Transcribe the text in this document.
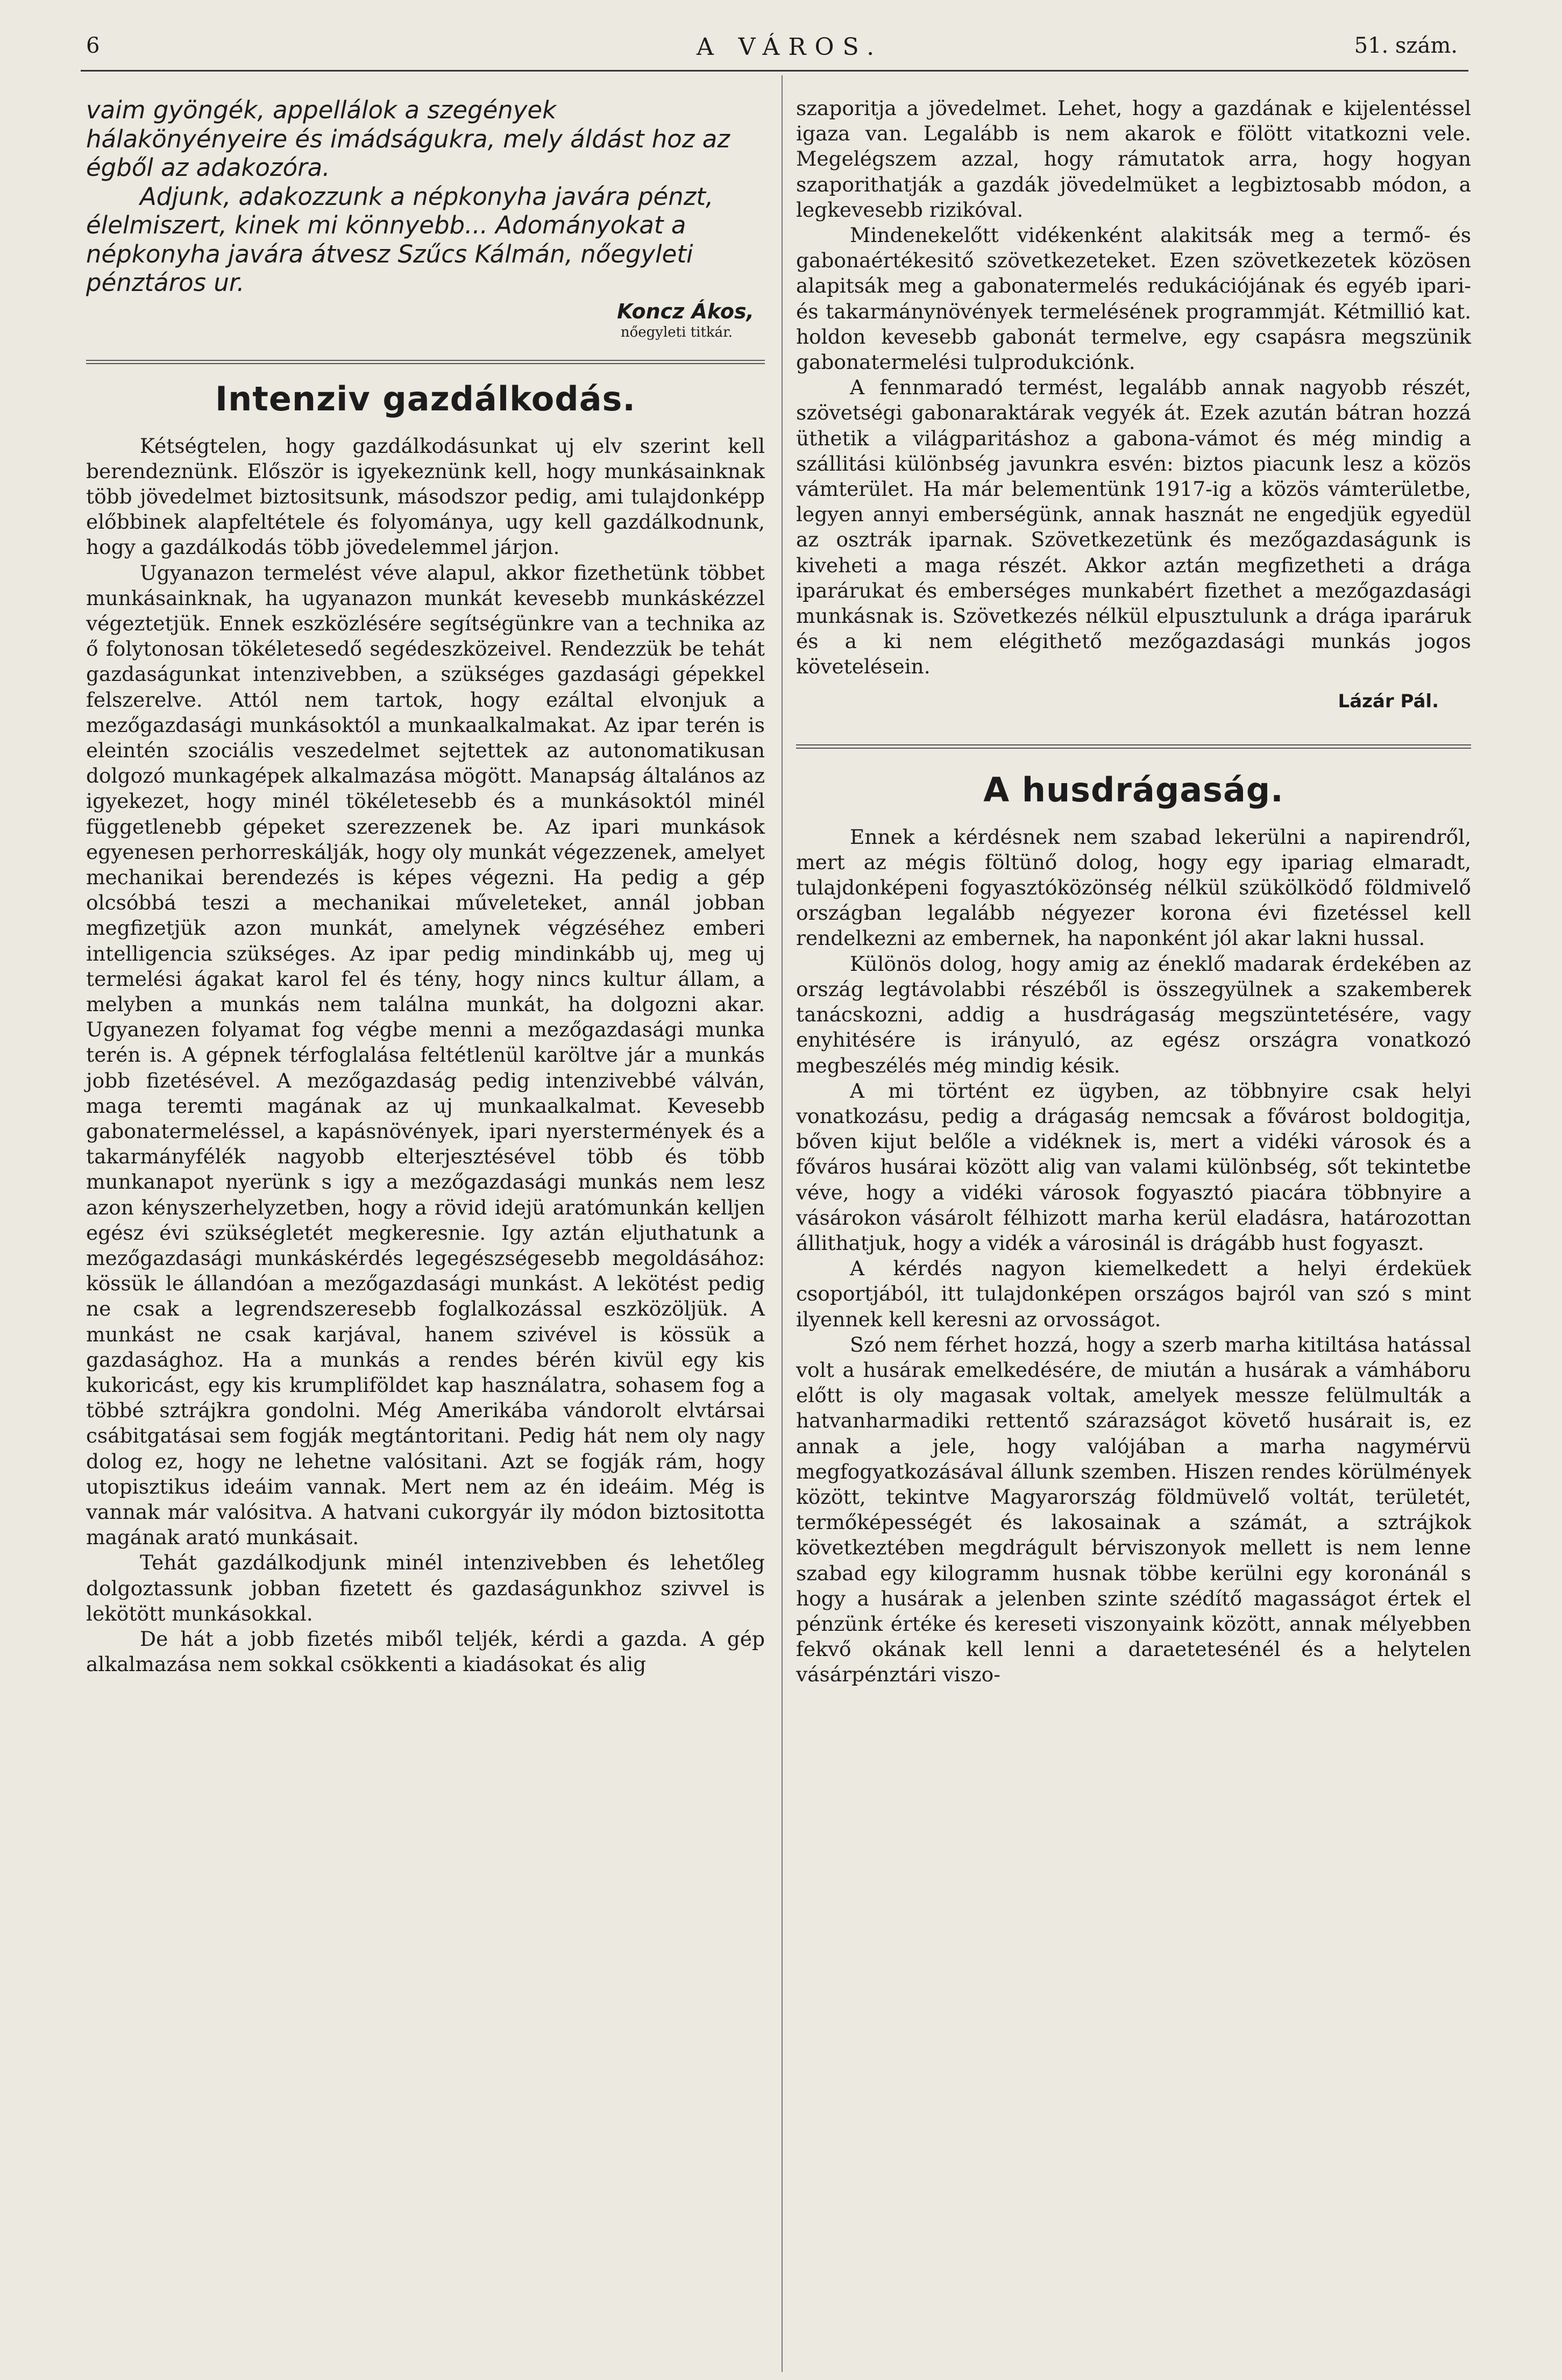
6	A VÁROS.	51. szám.

vaim gyöngék, appellálok a szegények hálakönyényeire és imádságukra, mely áldást hoz az égből az adakozóra.

Adjunk, adakozzunk a népkonyha javára pénzt, élelmiszert, kinek mi könnyebb... Adományokat a népkonyha javára átvesz Szűcs Kálmán, nőegyleti pénztáros ur.

Koncz Ákos,
nőegyleti titkár.
Intenziv gazdálkodás.

Kétségtelen, hogy gazdálkodásunkat uj elv szerint kell berendeznünk. Először is igyekeznünk kell, hogy munkásainknak több jövedelmet biztositsunk, másodszor pedig, ami tulajdonképp előbbinek alapfeltétele és folyománya, ugy kell gazdálkodnunk, hogy a gazdálkodás több jövedelemmel járjon.

Ugyanazon termelést véve alapul, akkor fizethetünk többet munkásainknak, ha ugyanazon munkát kevesebb munkáskézzel végeztetjük. Ennek eszközlésére segítségünkre van a technika az ő folytonosan tökéletesedő segédeszközeivel. Rendezzük be tehát gazdaságunkat intenzivebben, a szükséges gazdasági gépekkel felszerelve. Attól nem tartok, hogy ezáltal elvonjuk a mezőgazdasági munkásoktól a munkaalkalmakat. Az ipar terén is eleintén szociális veszedelmet sejtettek az autonomatikusan dolgozó munkagépek alkalmazása mögött. Manapság általános az igyekezet, hogy minél tökéletesebb és a munkásoktól minél függetlenebb gépeket szerezzenek be. Az ipari munkások egyenesen perhorreskálják, hogy oly munkát végezzenek, amelyet mechanikai berendezés is képes végezni. Ha pedig a gép olcsóbbá teszi a mechanikai műveleteket, annál jobban megfizetjük azon munkát, amelynek végzéséhez emberi intelligencia szükséges. Az ipar pedig mindinkább uj, meg uj termelési ágakat karol fel és tény, hogy nincs kultur állam, a melyben a munkás nem találna munkát, ha dolgozni akar. Ugyanezen folyamat fog végbe menni a mezőgazdasági munka terén is. A gépnek térfoglalása feltétlenül karöltve jár a munkás jobb fizetésével. A mezőgazdaság pedig intenzivebbé válván, maga teremti magának az uj munkaalkalmat. Kevesebb gabonatermeléssel, a kapásnövények, ipari nyerstermények és a takarmányfélék nagyobb elterjesztésével több és több munkanapot nyerünk s igy a mezőgazdasági munkás nem lesz azon kényszerhelyzetben, hogy a rövid idejü aratómunkán kelljen egész évi szükségletét megkeresnie. Igy aztán eljuthatunk a mezőgazdasági munkáskérdés legegészségesebb megoldásához: kössük le állandóan a mezőgazdasági munkást. A lekötést pedig ne csak a legrendszeresebb foglalkozással eszközöljük. A munkást ne csak karjával, hanem szivével is kössük a gazdasághoz. Ha a munkás a rendes bérén kivül egy kis kukoricást, egy kis krumpliföldet kap használatra, sohasem fog a többé sztrájkra gondolni. Még Amerikába vándorolt elvtársai csábitgatásai sem fogják megtántoritani. Pedig hát nem oly nagy dolog ez, hogy ne lehetne valósitani. Azt se fogják rám, hogy utopisztikus ideáim vannak. Mert nem az én ideáim. Még is vannak már valósitva. A hatvani cukorgyár ily módon biztositotta magának arató munkásait.

Tehát gazdálkodjunk minél intenzivebben és lehetőleg dolgoztassunk jobban fizetett és gazdaságunkhoz szivvel is lekötött munkásokkal.

De hát a jobb fizetés miből teljék, kérdi a gazda. A gép alkalmazása nem sokkal csökkenti a kiadásokat és alig

szaporitja a jövedelmet. Lehet, hogy a gazdának e kijelentéssel igaza van. Legalább is nem akarok e fölött vitatkozni vele. Megelégszem azzal, hogy rámutatok arra, hogy hogyan szaporithatják a gazdák jövedelmüket a legbiztosabb módon, a legkevesebb rizikóval.

Mindenekelőtt vidékenként alakitsák meg a termő- és gabonaértékesitő szövetkezeteket. Ezen szövetkezetek közösen alapitsák meg a gabonatermelés redukációjának és egyéb ipari- és takarmánynövények termelésének programmját. Kétmillió kat. holdon kevesebb gabonát termelve, egy csapásra megszünik gabonatermelési tulprodukciónk.

A fennmaradó termést, legalább annak nagyobb részét, szövetségi gabonaraktárak vegyék át. Ezek azután bátran hozzá üthetik a világparitáshoz a gabona-vámot és még mindig a szállitási különbség javunkra esvén: biztos piacunk lesz a közös vámterület. Ha már belementünk 1917-ig a közös vámterületbe, legyen annyi emberségünk, annak hasznát ne engedjük egyedül az osztrák iparnak. Szövetkezetünk és mezőgazdaságunk is kiveheti a maga részét. Akkor aztán megfizetheti a drága iparárukat és emberséges munkabért fizethet a mezőgazdasági munkásnak is. Szövetkezés nélkül elpusztulunk a drága iparáruk és a ki nem elégithető mezőgazdasági munkás jogos követelésein.

Lázár Pál.
A husdrágaság.

Ennek a kérdésnek nem szabad lekerülni a napirendről, mert az mégis föltünő dolog, hogy egy ipariag elmaradt, tulajdonképeni fogyasztóközönség nélkül szükölködő földmivelő országban legalább négyezer korona évi fizetéssel kell rendelkezni az embernek, ha naponként jól akar lakni hussal.

Különös dolog, hogy amig az éneklő madarak érdekében az ország legtávolabbi részéből is összegyülnek a szakemberek tanácskozni, addig a husdrágaság megszüntetésére, vagy enyhitésére is irányuló, az egész országra vonatkozó megbeszélés még mindig késik.

A mi történt ez ügyben, az többnyire csak helyi vonatkozásu, pedig a drágaság nemcsak a fővárost boldogitja, bőven kijut belőle a vidéknek is, mert a vidéki városok és a főváros husárai között alig van valami különbség, sőt tekintetbe véve, hogy a vidéki városok fogyasztó piacára többnyire a vásárokon vásárolt félhizott marha kerül eladásra, határozottan állithatjuk, hogy a vidék a városinál is drágább hust fogyaszt.

A kérdés nagyon kiemelkedett a helyi érdeküek csoportjából, itt tulajdonképen országos bajról van szó s mint ilyennek kell keresni az orvosságot.

Szó nem férhet hozzá, hogy a szerb marha kitiltása hatással volt a husárak emelkedésére, de miután a husárak a vámháboru előtt is oly magasak voltak, amelyek messze felülmulták a hatvanharmadiki rettentő szárazságot követő husárait is, ez annak a jele, hogy valójában a marha nagymérvü megfogyatkozásával állunk szemben. Hiszen rendes körülmények között, tekintve Magyarország földmüvelő voltát, területét, termőképességét és lakosainak a számát, a sztrájkok következtében megdrágult bérviszonyok mellett is nem lenne szabad egy kilogramm husnak többe kerülni egy koronánál s hogy a husárak a jelenben szinte szédítő magasságot értek el pénzünk értéke és kereseti viszonyaink között, annak mélyebben fekvő okának kell lenni a daraetetesénél és a helytelen vásárpénztári viszo-
